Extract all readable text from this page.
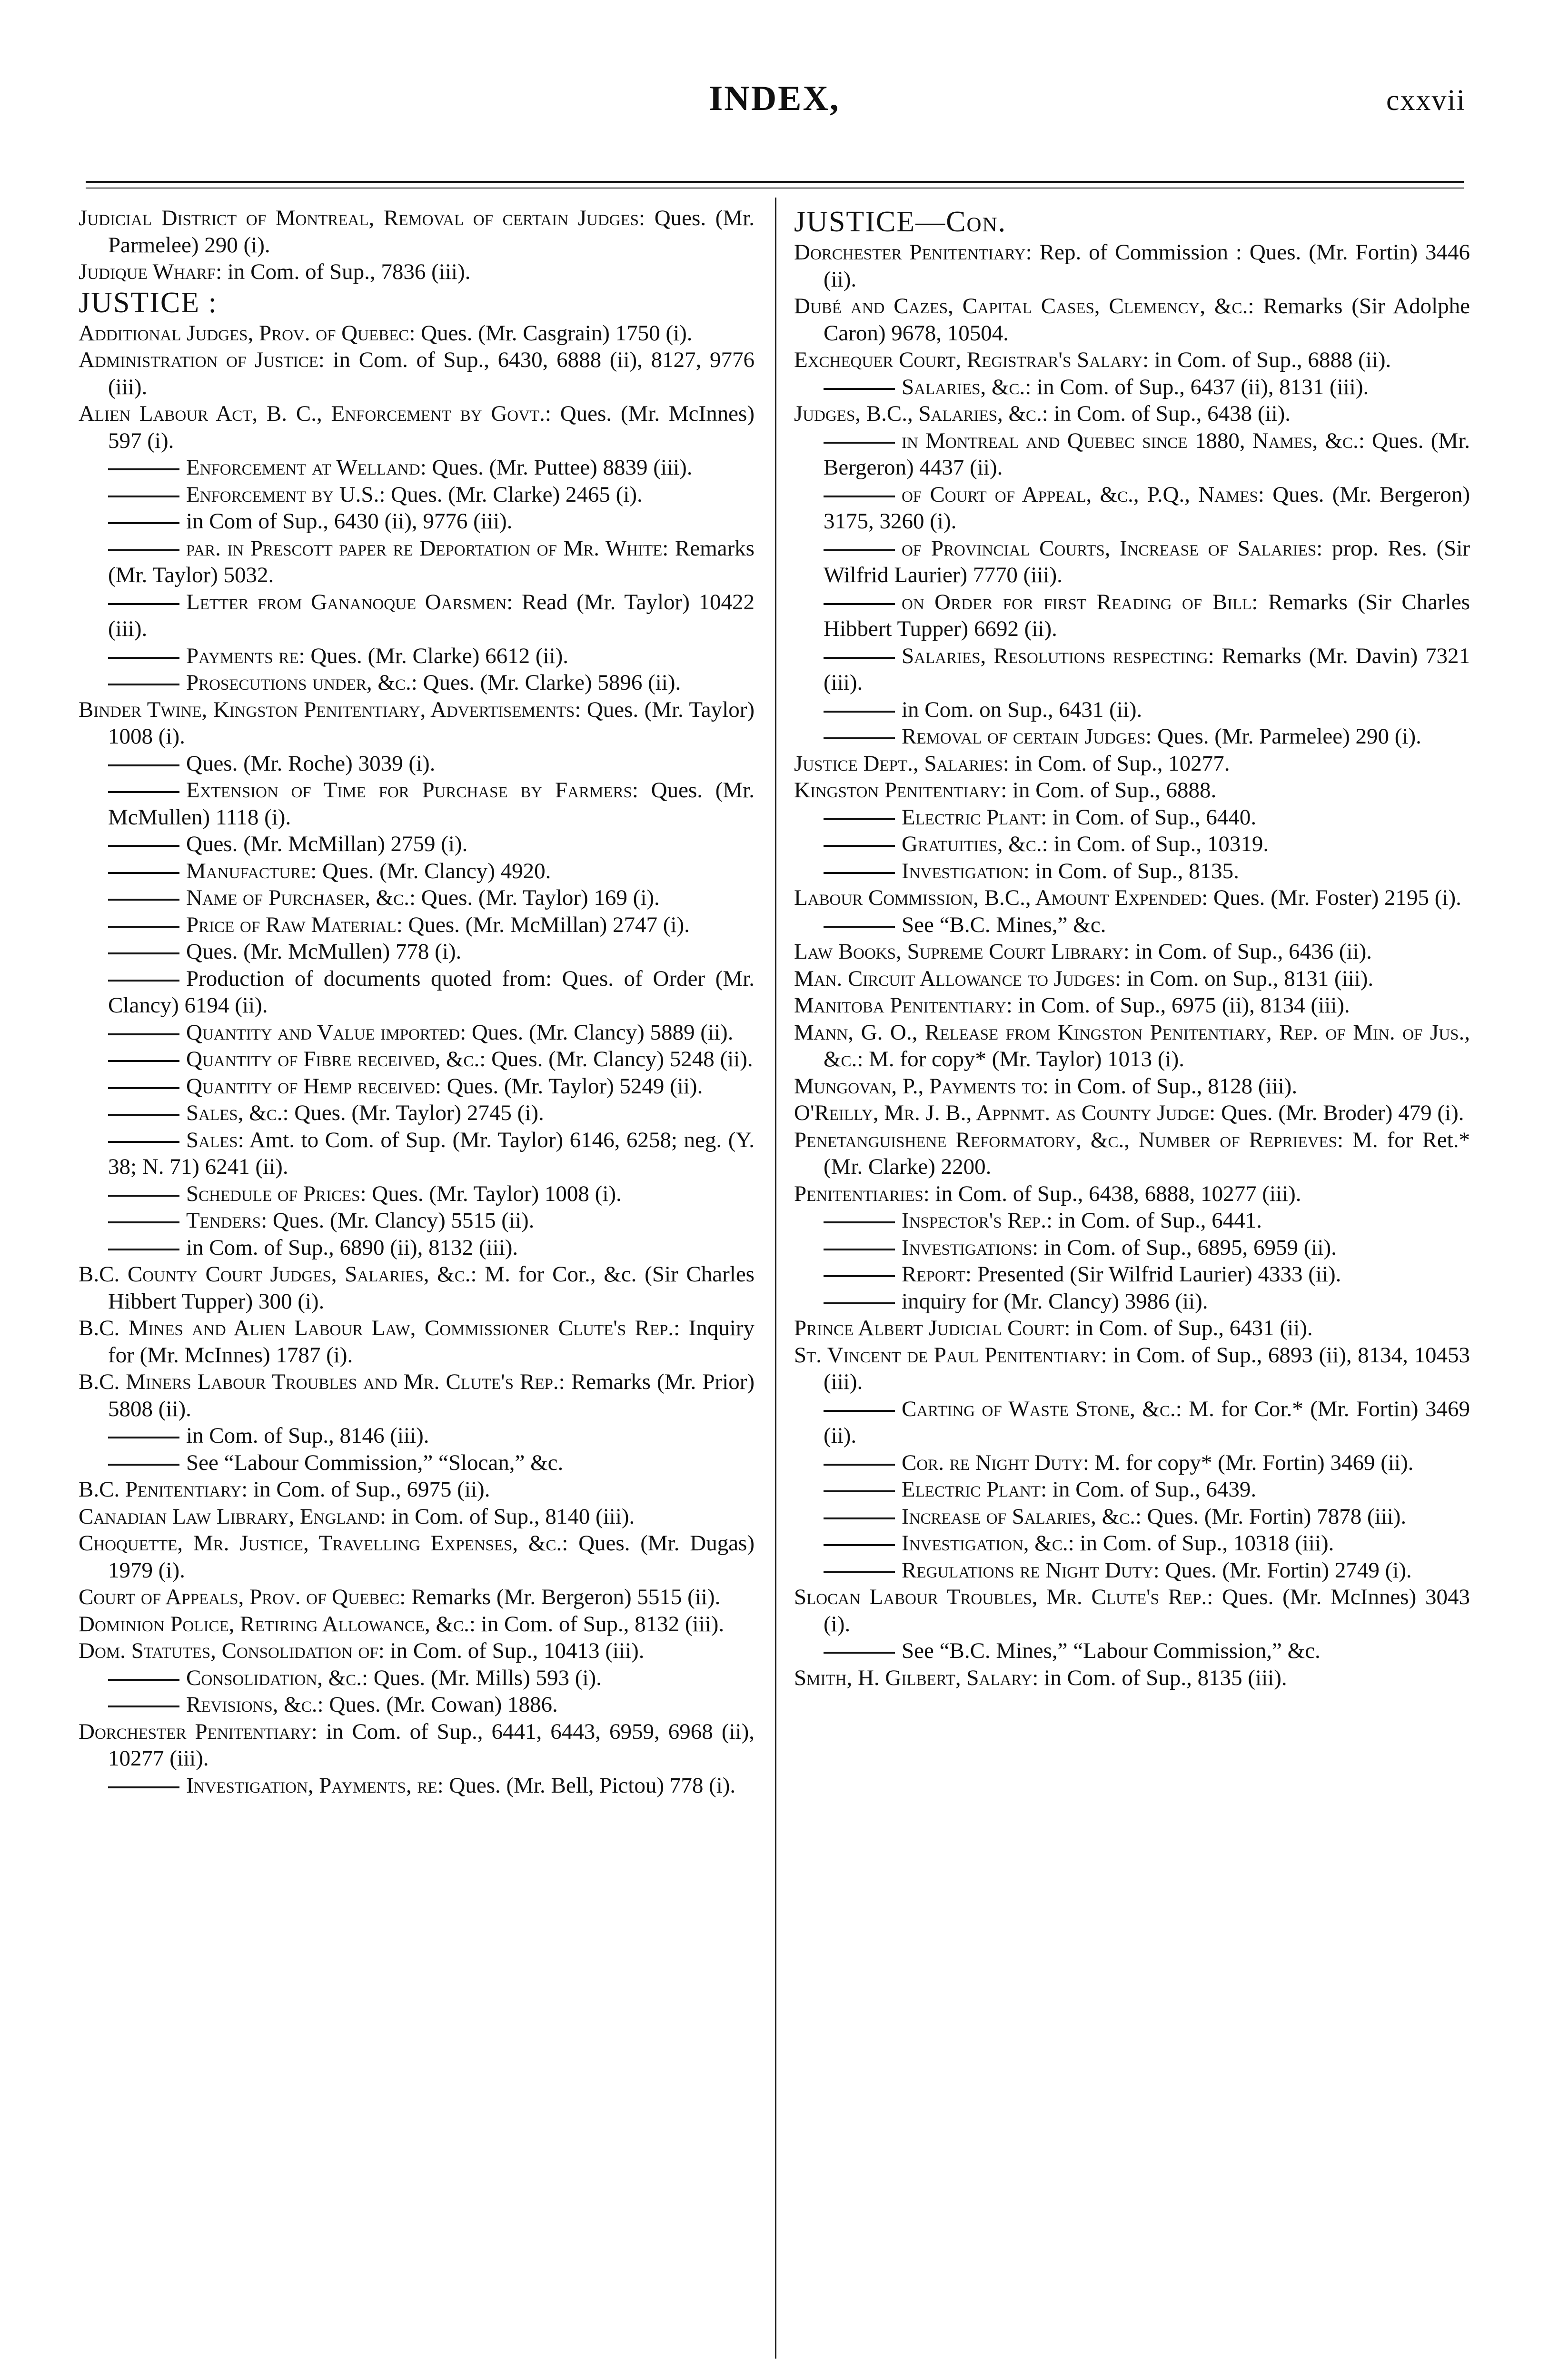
INDEX,	cxxvii

Judicial District of Montreal, Removal of certain Judges: Ques. (Mr. Parmelee) 290 (i).

Judique Wharf: in Com. of Sup., 7836 (iii).

JUSTICE :

Additional Judges, Prov. of Quebec: Ques. (Mr. Casgrain) 1750 (i).

Administration of Justice: in Com. of Sup., 6430, 6888 (ii), 8127, 9776 (iii).

Alien Labour Act, B. C., Enforcement by Govt.: Ques. (Mr. McInnes) 597 (i).

Enforcement at Welland: Ques. (Mr. Puttee) 8839 (iii).

Enforcement by U.S.: Ques. (Mr. Clarke) 2465 (i).

in Com of Sup., 6430 (ii), 9776 (iii).

par. in Prescott paper re Deportation of Mr. White: Remarks (Mr. Taylor) 5032.

Letter from Gananoque Oarsmen: Read (Mr. Taylor) 10422 (iii).

Payments re: Ques. (Mr. Clarke) 6612 (ii).

Prosecutions under, &c.: Ques. (Mr. Clarke) 5896 (ii).

Binder Twine, Kingston Penitentiary, Advertisements: Ques. (Mr. Taylor) 1008 (i).

Ques. (Mr. Roche) 3039 (i).

Extension of Time for Purchase by Farmers: Ques. (Mr. McMullen) 1118 (i).

Ques. (Mr. McMillan) 2759 (i).

Manufacture: Ques. (Mr. Clancy) 4920.

Name of Purchaser, &c.: Ques. (Mr. Taylor) 169 (i).

Price of Raw Material: Ques. (Mr. McMillan) 2747 (i).

Ques. (Mr. McMullen) 778 (i).

Production of documents quoted from: Ques. of Order (Mr. Clancy) 6194 (ii).

Quantity and Value imported: Ques. (Mr. Clancy) 5889 (ii).

Quantity of Fibre received, &c.: Ques. (Mr. Clancy) 5248 (ii).

Quantity of Hemp received: Ques. (Mr. Taylor) 5249 (ii).

Sales, &c.: Ques. (Mr. Taylor) 2745 (i).

Sales: Amt. to Com. of Sup. (Mr. Taylor) 6146, 6258; neg. (Y. 38; N. 71) 6241 (ii).

Schedule of Prices: Ques. (Mr. Taylor) 1008 (i).

Tenders: Ques. (Mr. Clancy) 5515 (ii).

in Com. of Sup., 6890 (ii), 8132 (iii).

B.C. County Court Judges, Salaries, &c.: M. for Cor., &c. (Sir Charles Hibbert Tupper) 300 (i).

B.C. Mines and Alien Labour Law, Commissioner Clute's Rep.: Inquiry for (Mr. McInnes) 1787 (i).

B.C. Miners Labour Troubles and Mr. Clute's Rep.: Remarks (Mr. Prior) 5808 (ii).

in Com. of Sup., 8146 (iii).

See “Labour Commission,” “Slocan,” &c.

B.C. Penitentiary: in Com. of Sup., 6975 (ii).

Canadian Law Library, England: in Com. of Sup., 8140 (iii).

Choquette, Mr. Justice, Travelling Expenses, &c.: Ques. (Mr. Dugas) 1979 (i).

Court of Appeals, Prov. of Quebec: Remarks (Mr. Bergeron) 5515 (ii).

Dominion Police, Retiring Allowance, &c.: in Com. of Sup., 8132 (iii).

Dom. Statutes, Consolidation of: in Com. of Sup., 10413 (iii).

Consolidation, &c.: Ques. (Mr. Mills) 593 (i).

Revisions, &c.: Ques. (Mr. Cowan) 1886.

Dorchester Penitentiary: in Com. of Sup., 6441, 6443, 6959, 6968 (ii), 10277 (iii).

Investigation, Payments, re: Ques. (Mr. Bell, Pictou) 778 (i).

JUSTICE—Con.

Dorchester Penitentiary: Rep. of Commission : Ques. (Mr. Fortin) 3446 (ii).

Dubé and Cazes, Capital Cases, Clemency, &c.: Remarks (Sir Adolphe Caron) 9678, 10504.

Exchequer Court, Registrar's Salary: in Com. of Sup., 6888 (ii).

Salaries, &c.: in Com. of Sup., 6437 (ii), 8131 (iii).

Judges, B.C., Salaries, &c.: in Com. of Sup., 6438 (ii).

in Montreal and Quebec since 1880, Names, &c.: Ques. (Mr. Bergeron) 4437 (ii).

of Court of Appeal, &c., P.Q., Names: Ques. (Mr. Bergeron) 3175, 3260 (i).

of Provincial Courts, Increase of Salaries: prop. Res. (Sir Wilfrid Laurier) 7770 (iii).

on Order for first Reading of Bill: Remarks (Sir Charles Hibbert Tupper) 6692 (ii).

Salaries, Resolutions respecting: Remarks (Mr. Davin) 7321 (iii).

in Com. on Sup., 6431 (ii).

Removal of certain Judges: Ques. (Mr. Parmelee) 290 (i).

Justice Dept., Salaries: in Com. of Sup., 10277.

Kingston Penitentiary: in Com. of Sup., 6888.

Electric Plant: in Com. of Sup., 6440.

Gratuities, &c.: in Com. of Sup., 10319.

Investigation: in Com. of Sup., 8135.

Labour Commission, B.C., Amount Expended: Ques. (Mr. Foster) 2195 (i).

See “B.C. Mines,” &c.

Law Books, Supreme Court Library: in Com. of Sup., 6436 (ii).

Man. Circuit Allowance to Judges: in Com. on Sup., 8131 (iii).

Manitoba Penitentiary: in Com. of Sup., 6975 (ii), 8134 (iii).

Mann, G. O., Release from Kingston Penitentiary, Rep. of Min. of Jus., &c.: M. for copy* (Mr. Taylor) 1013 (i).

Mungovan, P., Payments to: in Com. of Sup., 8128 (iii).

O'Reilly, Mr. J. B., Appnmt. as County Judge: Ques. (Mr. Broder) 479 (i).

Penetanguishene Reformatory, &c., Number of Reprieves: M. for Ret.* (Mr. Clarke) 2200.

Penitentiaries: in Com. of Sup., 6438, 6888, 10277 (iii).

Inspector's Rep.: in Com. of Sup., 6441.

Investigations: in Com. of Sup., 6895, 6959 (ii).

Report: Presented (Sir Wilfrid Laurier) 4333 (ii).

inquiry for (Mr. Clancy) 3986 (ii).

Prince Albert Judicial Court: in Com. of Sup., 6431 (ii).

St. Vincent de Paul Penitentiary: in Com. of Sup., 6893 (ii), 8134, 10453 (iii).

Carting of Waste Stone, &c.: M. for Cor.* (Mr. Fortin) 3469 (ii).

Cor. re Night Duty: M. for copy* (Mr. Fortin) 3469 (ii).

Electric Plant: in Com. of Sup., 6439.

Increase of Salaries, &c.: Ques. (Mr. Fortin) 7878 (iii).

Investigation, &c.: in Com. of Sup., 10318 (iii).

Regulations re Night Duty: Ques. (Mr. Fortin) 2749 (i).

Slocan Labour Troubles, Mr. Clute's Rep.: Ques. (Mr. McInnes) 3043 (i).

See “B.C. Mines,” “Labour Commission,” &c.

Smith, H. Gilbert, Salary: in Com. of Sup., 8135 (iii).
